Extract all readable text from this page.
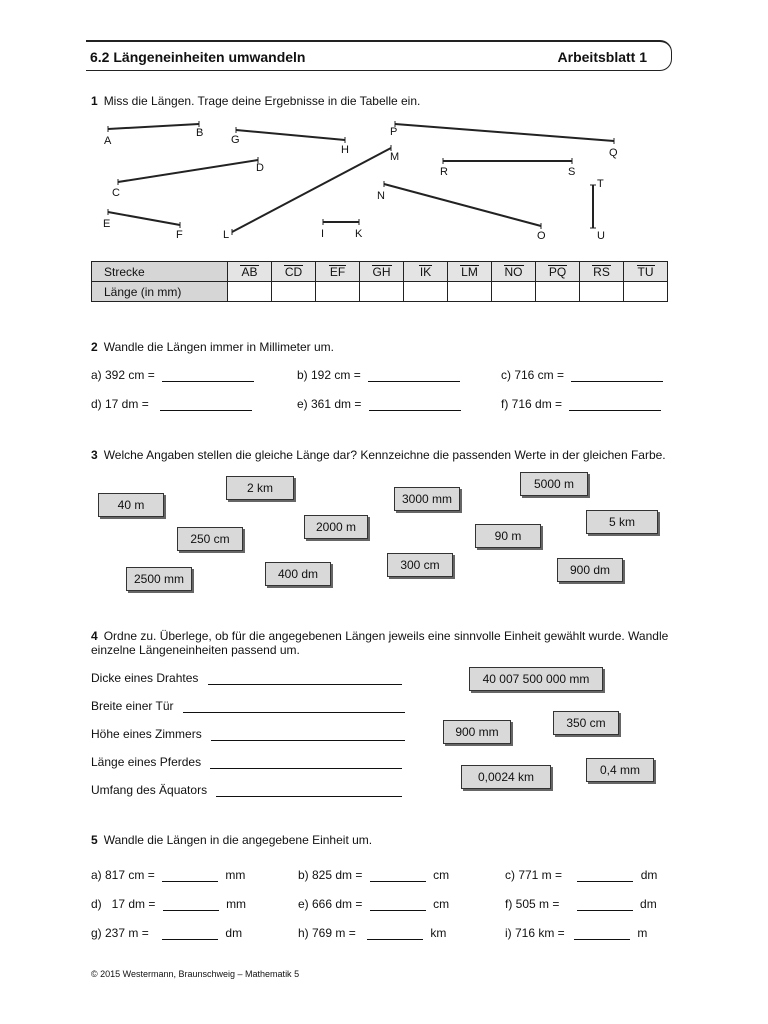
6.2 Längeneinheiten umwandeln	Arbeitsblatt 1
1 Miss die Längen. Trage deine Ergebnisse in die Tabelle ein.
A
B
G
H
P
Q
M
D
C
R	S
T
N
E
F	L	I	K	O	U
Strecke	AB	CD	EF	GH	IK	LM	NO	PQ	RS	TU
Länge (in mm)										
2 Wandle die Längen immer in Millimeter um.
a) 392 cm =	b) 192 cm =	c) 716 cm =
d) 17 dm =	e) 361 dm =	f) 716 dm =
3 Welche Angaben stellen die gleiche Länge dar? Kennzeichne die passenden Werte in der gleichen Farbe.
40 m
2 km
3000 mm
5000 m
5 km
250 cm
2000 m
90 m
2500 mm	400 dm
300 cm	900 dm
4 Ordne zu. Überlege, ob für die angegebenen Längen jeweils eine sinnvolle Einheit gewählt wurde. Wandle einzelne Längeneinheiten passend um.
Dicke eines Drahtes
Breite einer Tür
Höhe eines Zimmers
Länge eines Pferdes
Umfang des Äquators
40 007 500 000 mm
350 cm
900 mm
0,4 mm
0,0024 km
5 Wandle die Längen in die angegebene Einheit um.
a) 817 cm =	mm	b) 825 dm =	cm	c) 771 m =	dm
d)   17 dm =	mm	e) 666 dm =	cm	f) 505 m =	dm
g) 237 m =	dm	h) 769 m =	km	i) 716 km =	m
© 2015 Westermann, Braunschweig – Mathematik 5
